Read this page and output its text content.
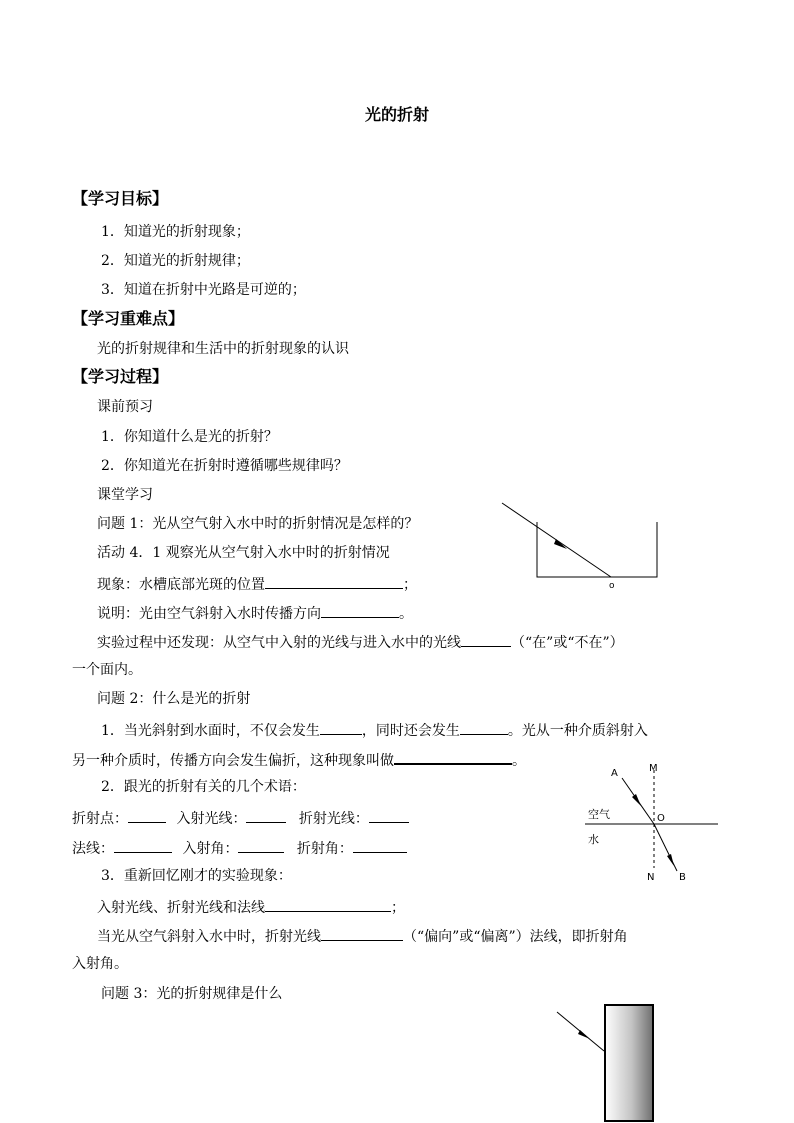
光的折射
【学习目标】
1．知道光的折射现象；
2．知道光的折射规律；
3．知道在折射中光路是可逆的；
【学习重难点】
光的折射规律和生活中的折射现象的认识
【学习过程】
课前预习
1．你知道什么是光的折射？
2．你知道光在折射时遵循哪些规律吗？
课堂学习
问题 1：光从空气射入水中时的折射情况是怎样的？
活动 4．1 观察光从空气射入水中时的折射情况
现象：水槽底部光斑的位置	；
说明：光由空气斜射入水时传播方向	。
实验过程中还发现：从空气中入射的光线与进入水中的光线	（“在”或“不在”）
一个面内。
问题 2：什么是光的折射
1．当光斜射到水面时，不仅会发生	，同时还会发生	。光从一种介质斜射入
另一种介质时，传播方向会发生偏折，这种现象叫做	。
2．跟光的折射有关的几个术语：
折射点：	入射光线：	折射光线：
法线：	入射角：	折射角：
3．重新回忆刚才的实验现象：
入射光线、折射光线和法线	；
当光从空气斜射入水中时，折射光线	（“偏向”或“偏离”）法线，即折射角
入射角。
问题 3：光的折射规律是什么
o
A	M
O
N B
空气
水
